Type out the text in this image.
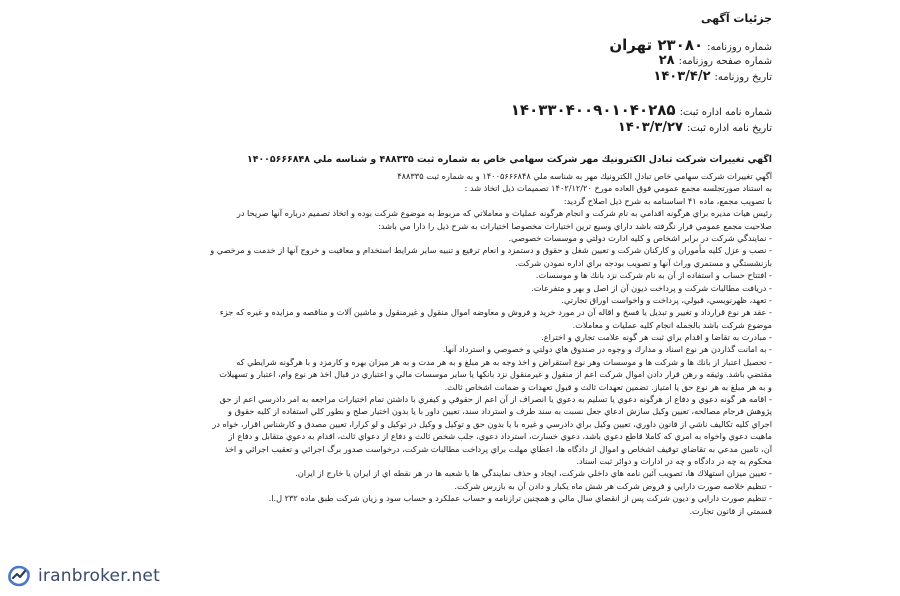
جزئیات آگهی
شماره روزنامه:۲۳۰۸۰ تهران
شماره صفحه روزنامه:۲۸
تاریخ روزنامه:۱۴۰۳/۴/۲
شماره نامه اداره ثبت:۱۴۰۳۳۰۴۰۰۹۰۱۰۴۰۲۸۵
تاریخ نامه اداره ثبت:۱۴۰۳/۳/۲۷
آگهي تغييرات شركت تبادل الكترونيك مهر شركت سهامي خاص به شماره ثبت ۴۸۸۳۳۵ و شناسه ملي ۱۴۰۰۵۶۶۶۸۴۸
آگهي تغييرات شركت سهامي خاص تبادل الكترونيك مهر به شناسه ملي ۱۴۰۰۵۶۶۶۸۴۸ و به شماره ثبت ۴۸۸۳۳۵
به استناد صورتجلسه مجمع عمومي فوق العاده مورخ ۱۴۰۲/۱۲/۲۰ تصميمات ذيل اتخاذ شد :
با تصويب مجمع، ماده ۴۱ اساسنامه به شرح ذيل اصلاح گرديد:
رئيس هيات مديره براي هرگونه اقدامي به نام شركت و انجام هرگونه عمليات و معاملاتي كه مربوط به موضوع شركت بوده و اتخاذ تصميم درباره آنها صريحا در
صلاحيت مجمع عمومي قرار نگرفته باشد داراي وسيع ترين اختيارات مخصوصا اختيارات به شرح ذيل را دارا مي باشد:
- نمايندگي شركت در برابر اشخاص و كليه ادارت دولتي و موسسات خصوصي.
- نصب و عزل كليه مأموران و كاركنان شركت و تعيين شغل و حقوق و دستمزد و انعام ترفيع و تنبيه ساير شرايط استخدام و معافيت و خروج آنها از خدمت و مرخصي و
بازنشستگي و مستمري وراث آنها و تصويب بودجه براي اداره نمودن شركت.
- افتتاح حساب و استفاده از آن به نام شركت نزد بانك ها و موسسات.
- دريافت مطالبات شركت و پرداخت ديون آن از اصل و بهر و متفرعات.
- تعهد، ظهرنويسي، قبولي، پرداخت و واخواست اوراق تجارتي.
- عقد هر نوع قرارداد و تغيير و تبديل يا فسخ و اقاله آن در مورد خريد و فروش و معاوضه اموال منقول و غيرمنقول و ماشين آلات و مناقصه و مزايده و غيره كه جزء
موضوع شركت باشد بالجمله انجام كليه عمليات و معاملات.
- مبادرت به تقاضا و اقدام براي ثبت هر گونه علامت تجاري و اختراع.
- به امانت گذاردن هر نوع اسناد و مدارك و وجوه در صندوق هاي دولتي و خصوصي و استرداد آنها.
- تحصيل اعتبار از بانك ها و شركت ها و موسسات وهر نوع استقراض و اخذ وجه به هر مبلغ و به هر مدت و به هر ميزان بهره و كارمزد و با هرگونه شرايطي كه
مقتضي باشد. وثيقه و رهن قرار دادن اموال شركت اعم از منقول و غيرمنقول نزد بانكها يا ساير موسسات مالي و اعتباري در قبال اخذ هر نوع وام، اعتبار و تسهيلات
و به هر مبلغ به هر نوع حق يا امتياز. تضمين تعهدات ثالث و قبول تعهدات و ضمانت اشخاص ثالث.
- اقامه هر گونه دعوي و دفاع از هرگونه دعوي يا تسليم به دعوي يا انصراف از آن اعم از حقوقي و كيفري با داشتن تمام اختيارات مراجعه به امر دادرسي اعم از حق
پژوهش فرجام مصالحه، تعيين وكيل سازش ادعاي جعل نسبت به سند طرف و استرداد سند، تعيين داور با يا بدون اختيار صلح و بطور كلي استفاده از كليه حقوق و
اجراي كليه تكاليف ناشي از قانون داوري، تعيين وكيل براي دادرسي و غيره با يا بدون حق و توكيل و وكيل در توكيل و لو كرارا، تعيين مصدق و كارشناس اقرار، خواه در
ماهيت دعوي واخواه به امري كه كاملا قاطع دعوي باشد، دعوي خسارت، استرداد دعوي، جلب شخص ثالث و دفاع از دعواي ثالث، اقدام به دعوي متقابل و دفاع از
آن، تامين مدعي به تقاضاي توقيف اشخاص و اموال از دادگاه ها، اعطاي مهلت براي پرداخت مطالبات شركت، درخواست صدور برگ اجرائي و تعقيب اجرائي و اخذ
محكوم به چه در دادگاه و چه در ادارات و دوائر ثبت اسناد.
- تعيين ميزان استهلاك ها، تصويب آئين نامه هاي داخلي شركت، ايجاد و حذف نمايندگي ها يا شعبه ها در هر نقطه اي از ايران يا خارج از ايران.
- تنظيم خلاصه صورت دارايي و فروض شركت هر شش ماه يكبار و دادن آن به بازرس شركت.
- تنظيم صورت دارايي و ديون شركت پس از انقضاي سال مالي و همچنين ترازنامه و حساب عملكرد و حساب سود و زيان شركت طبق ماده ۲۳۲ ل.ا.
قسمتي از قانون تجارت.
iranbroker.net
